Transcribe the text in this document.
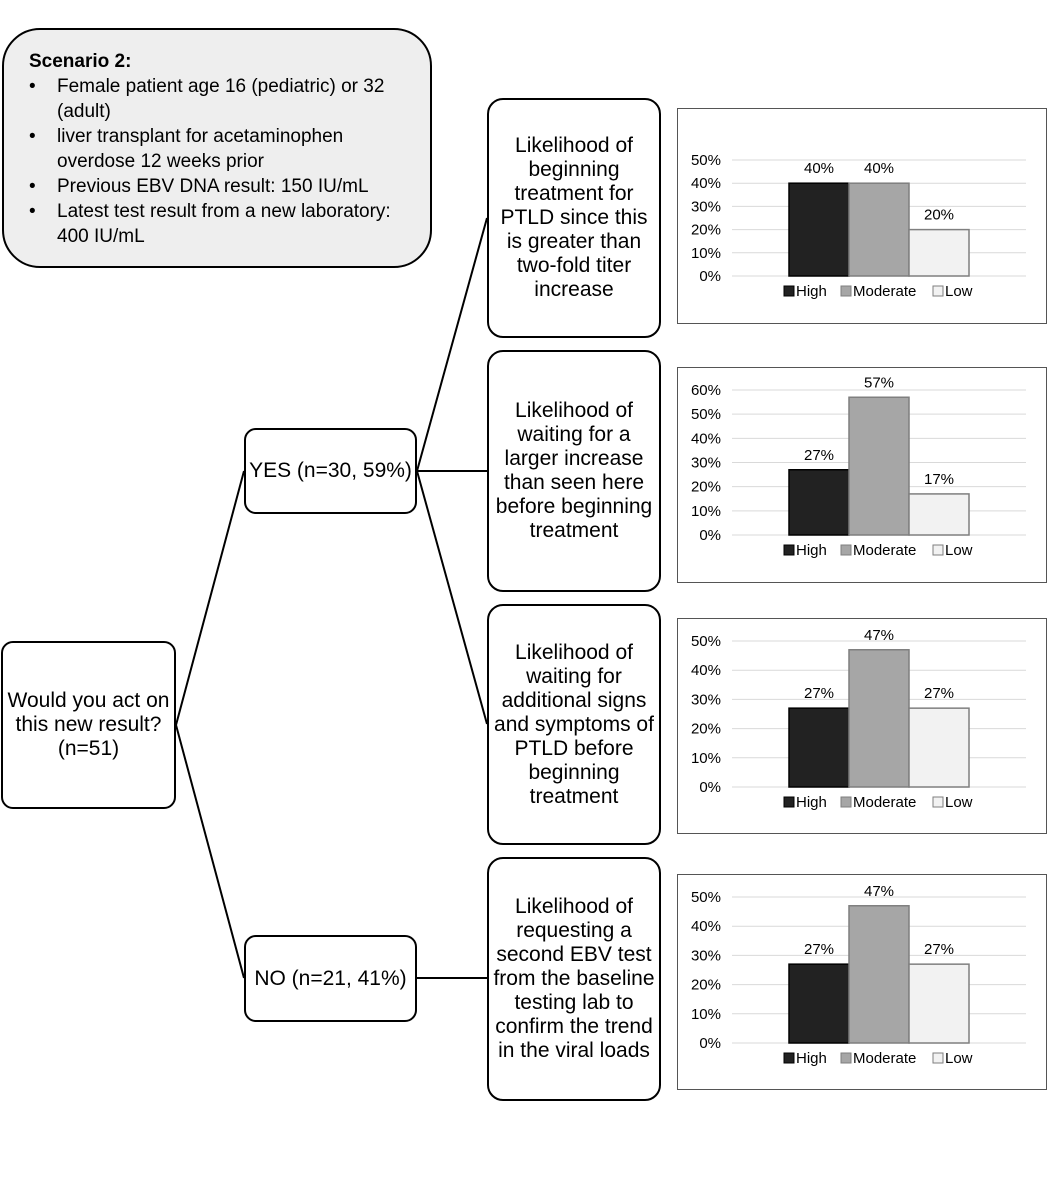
Scenario 2:
• Female patient age 16 (pediatric) or 32 (adult)
• liver transplant for acetaminophen overdose 12 weeks prior
• Previous EBV DNA result: 150 IU/mL
• Latest test result from a new laboratory: 400 IU/mL
Would you act on this new result? (n=51)
YES (n=30, 59%)
NO (n=21, 41%)
Likelihood of beginning treatment for PTLD since this is greater than two-fold titer increase
Likelihood of waiting for a larger increase than seen here before beginning treatment
Likelihood of waiting for additional signs and symptoms of PTLD before beginning treatment
Likelihood of requesting a second EBV test from the baseline testing lab to confirm the trend in the viral loads
0%
10%
20%
30%
40%
50%	40% 40%
20%
High Moderate Low
0%
10%
20%
30%
40%
50%
60%
27%
57%
17%
High Moderate Low
0%
10%
20%
30%
40%
50%
27%
47%
27%
High Moderate Low
0%
10%
20%
30%
40%
50%
27%
47%
27%
High Moderate Low
